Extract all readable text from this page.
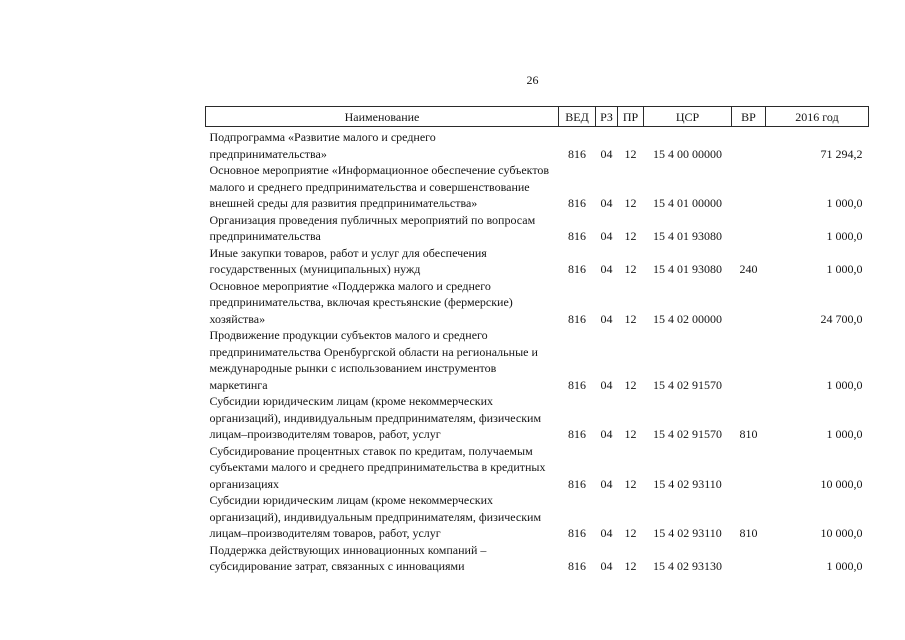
26
Наименование	ВЕД	РЗ	ПР	ЦСР	ВР	2016 год
Подпрограмма «Развитие малого и среднего предпринимательства»	816	04	12	15 4 00 00000		71 294,2
Основное мероприятие «Информационное обеспечение субъектов малого и среднего предпринимательства и совершенствование внешней среды для развития предпринимательства»	816	04	12	15 4 01 00000		1 000,0
Организация проведения публичных мероприятий по вопросам предпринимательства	816	04	12	15 4 01 93080		1 000,0
Иные закупки товаров, работ и услуг для обеспечения государственных (муниципальных) нужд	816	04	12	15 4 01 93080	240	1 000,0
Основное мероприятие «Поддержка малого и среднего предпринимательства, включая крестьянские (фермерские) хозяйства»	816	04	12	15 4 02 00000		24 700,0
Продвижение продукции субъектов малого и среднего предпринимательства Оренбургской области на региональные и международные рынки с использованием инструментов маркетинга	816	04	12	15 4 02 91570		1 000,0
Субсидии юридическим лицам (кроме некоммерческих организаций), индивидуальным предпринимателям, физическим лицам–производителям товаров, работ, услуг	816	04	12	15 4 02 91570	810	1 000,0
Субсидирование процентных ставок по кредитам, получаемым субъектами малого и среднего предпринимательства в кредитных организациях	816	04	12	15 4 02 93110		10 000,0
Субсидии юридическим лицам (кроме некоммерческих организаций), индивидуальным предпринимателям, физическим лицам–производителям товаров, работ, услуг	816	04	12	15 4 02 93110	810	10 000,0
Поддержка действующих инновационных компаний – субсидирование затрат, связанных с инновациями	816	04	12	15 4 02 93130		1 000,0
